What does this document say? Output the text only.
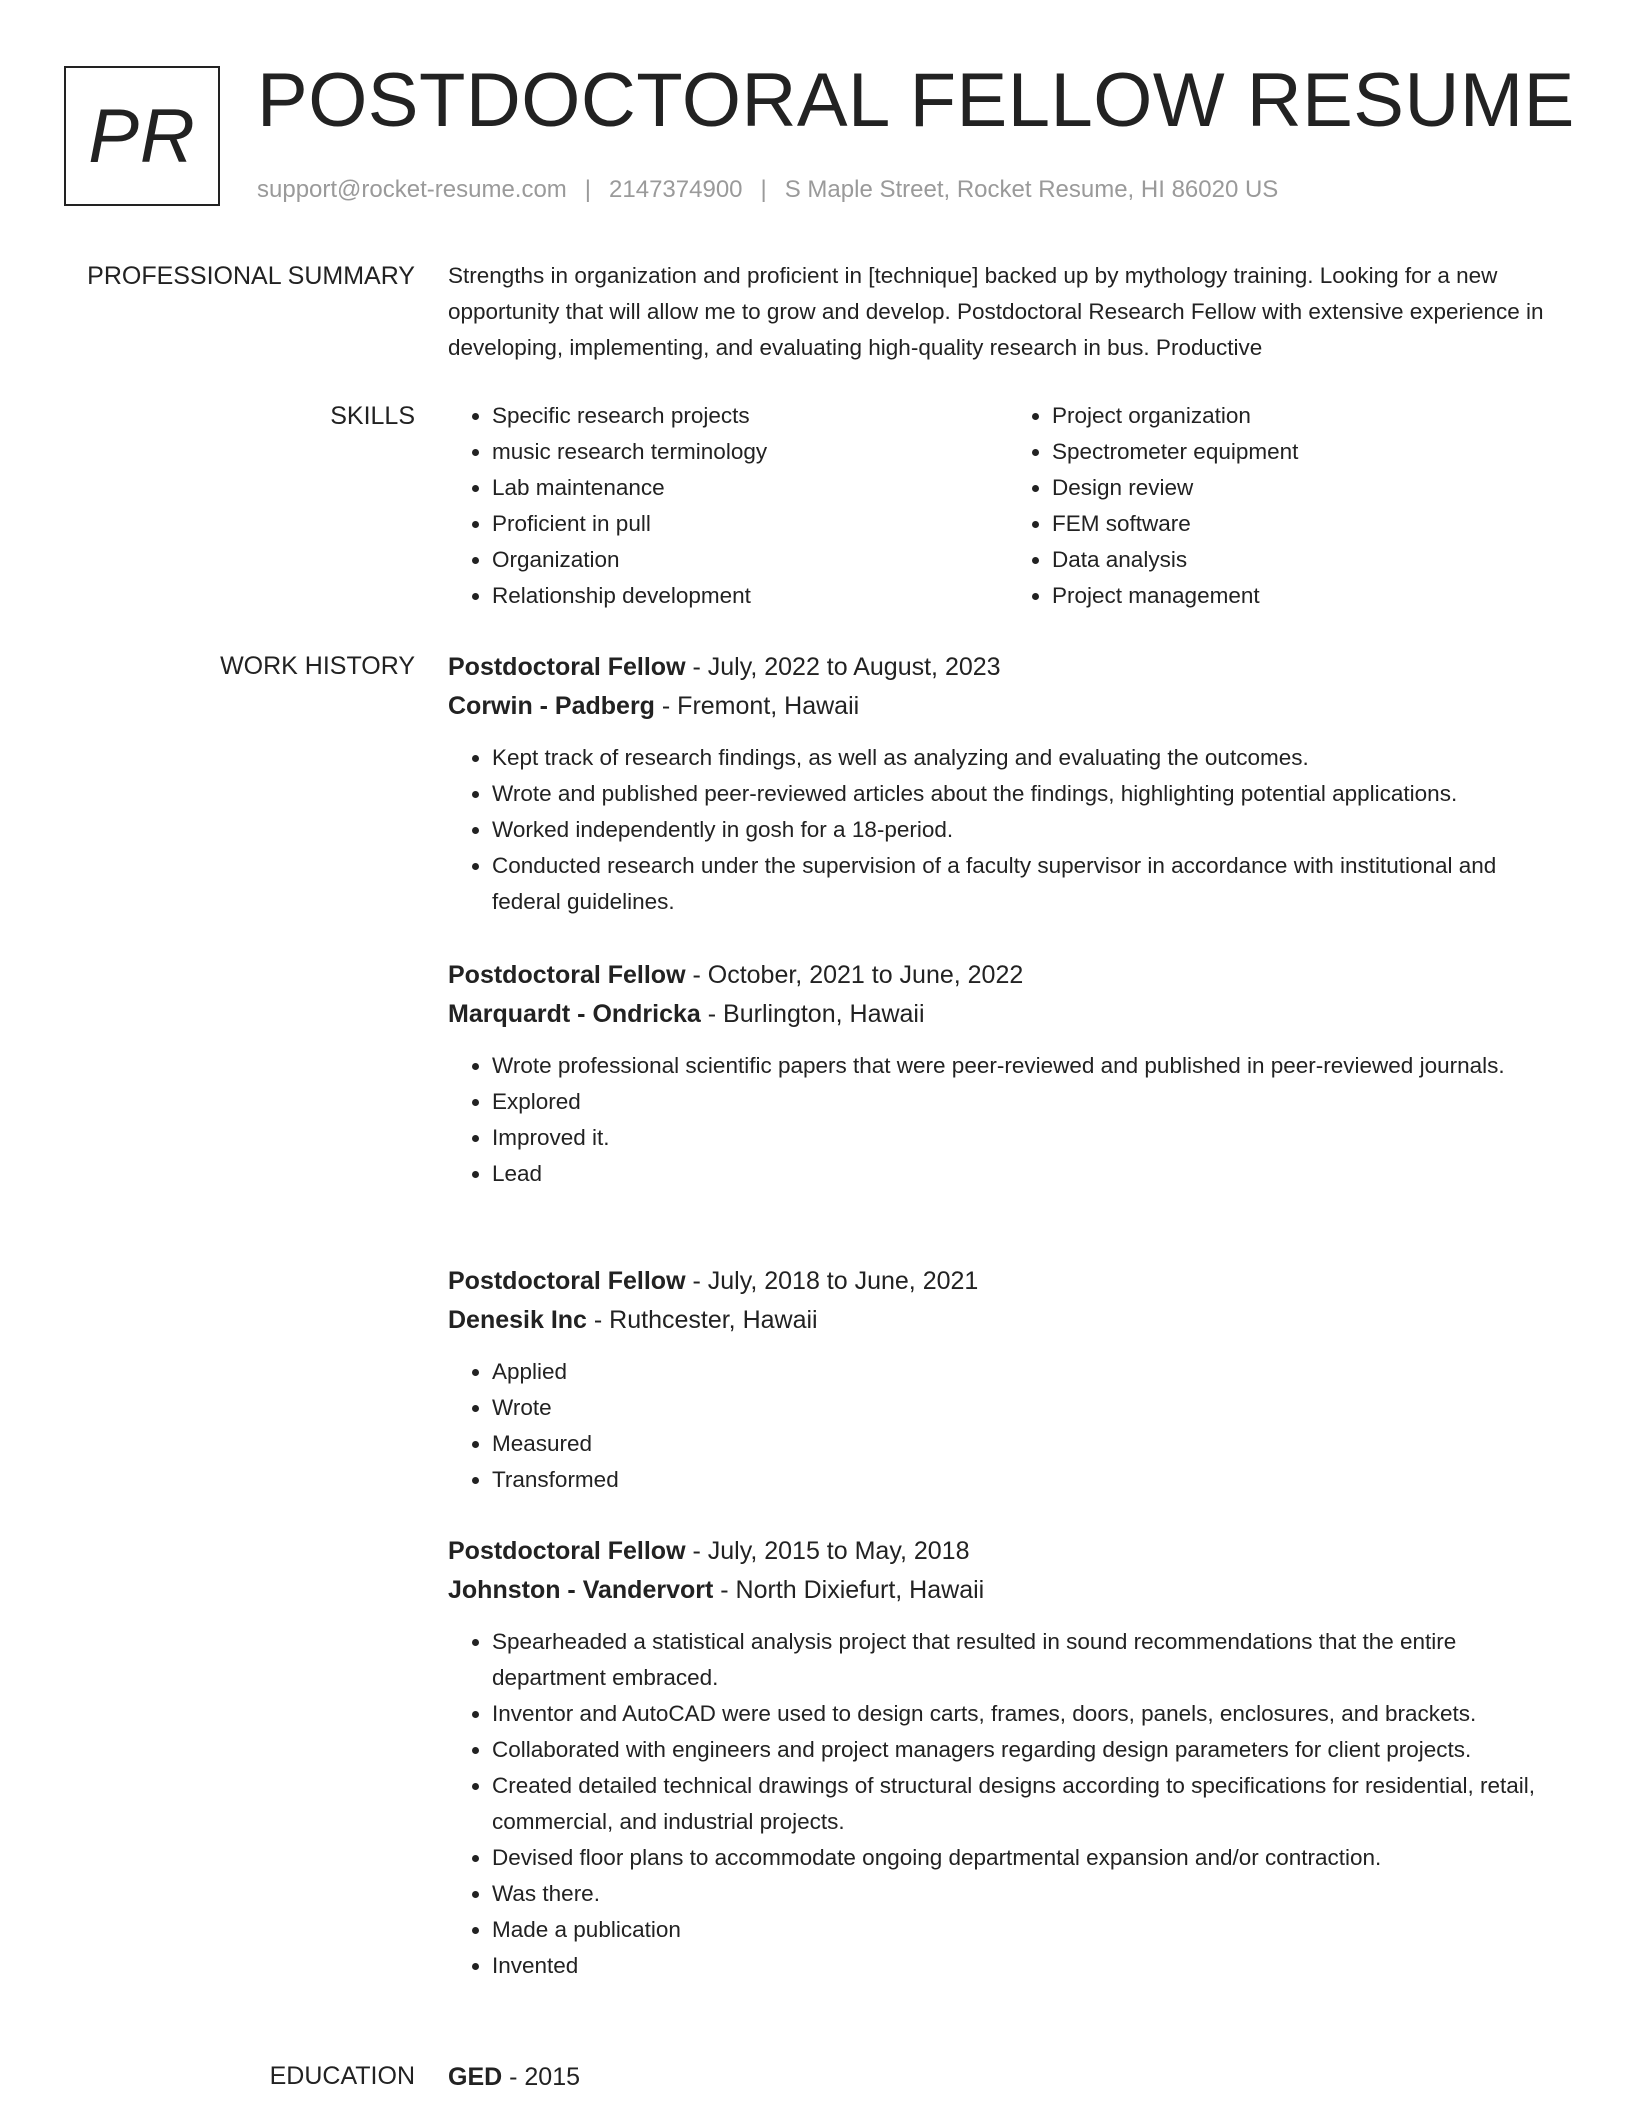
PR POSTDOCTORAL FELLOW RESUME
support@rocket-resume.com | 2147374900 | S Maple Street, Rocket Resume, HI 86020 US
PROFESSIONAL SUMMARY Strengths in organization and proficient in [technique] backed up by mythology training. Looking for a new opportunity that will allow me to grow and develop. Postdoctoral Research Fellow with extensive experience in developing, implementing, and evaluating high-quality research in bus. Productive

SKILLS
•	Specific research projects
• music research terminology
• Lab maintenance
• Proficient in pull
• Organization
• Relationship development
• Project organization
• Spectrometer equipment
• Design review
• FEM software
• Data analysis
• Project management
WORK HISTORY Postdoctoral Fellow - July, 2022 to August, 2023
Corwin - Padberg - Fremont, Hawaii
• Kept track of research findings, as well as analyzing and evaluating the outcomes.
• Wrote and published peer-reviewed articles about the findings, highlighting potential applications.
• Worked independently in gosh for a 18-period.
• Conducted research under the supervision of a faculty supervisor in accordance with institutional and federal guidelines.
Postdoctoral Fellow - October, 2021 to June, 2022
Marquardt - Ondricka - Burlington, Hawaii
• Wrote professional scientific papers that were peer-reviewed and published in peer-reviewed journals.
• Explored
• Improved it.
• Lead
Postdoctoral Fellow - July, 2018 to June, 2021
Denesik Inc - Ruthcester, Hawaii
• Applied
• Wrote
• Measured
• Transformed
Postdoctoral Fellow - July, 2015 to May, 2018
Johnston - Vandervort - North Dixiefurt, Hawaii
• Spearheaded a statistical analysis project that resulted in sound recommendations that the entire department embraced.
• Inventor and AutoCAD were used to design carts, frames, doors, panels, enclosures, and brackets.
• Collaborated with engineers and project managers regarding design parameters for client projects.
• Created detailed technical drawings of structural designs according to specifications for residential, retail, commercial, and industrial projects.
• Devised floor plans to accommodate ongoing departmental expansion and/or contraction.
• Was there.
• Made a publication
• Invented
EDUCATION GED - 2015
